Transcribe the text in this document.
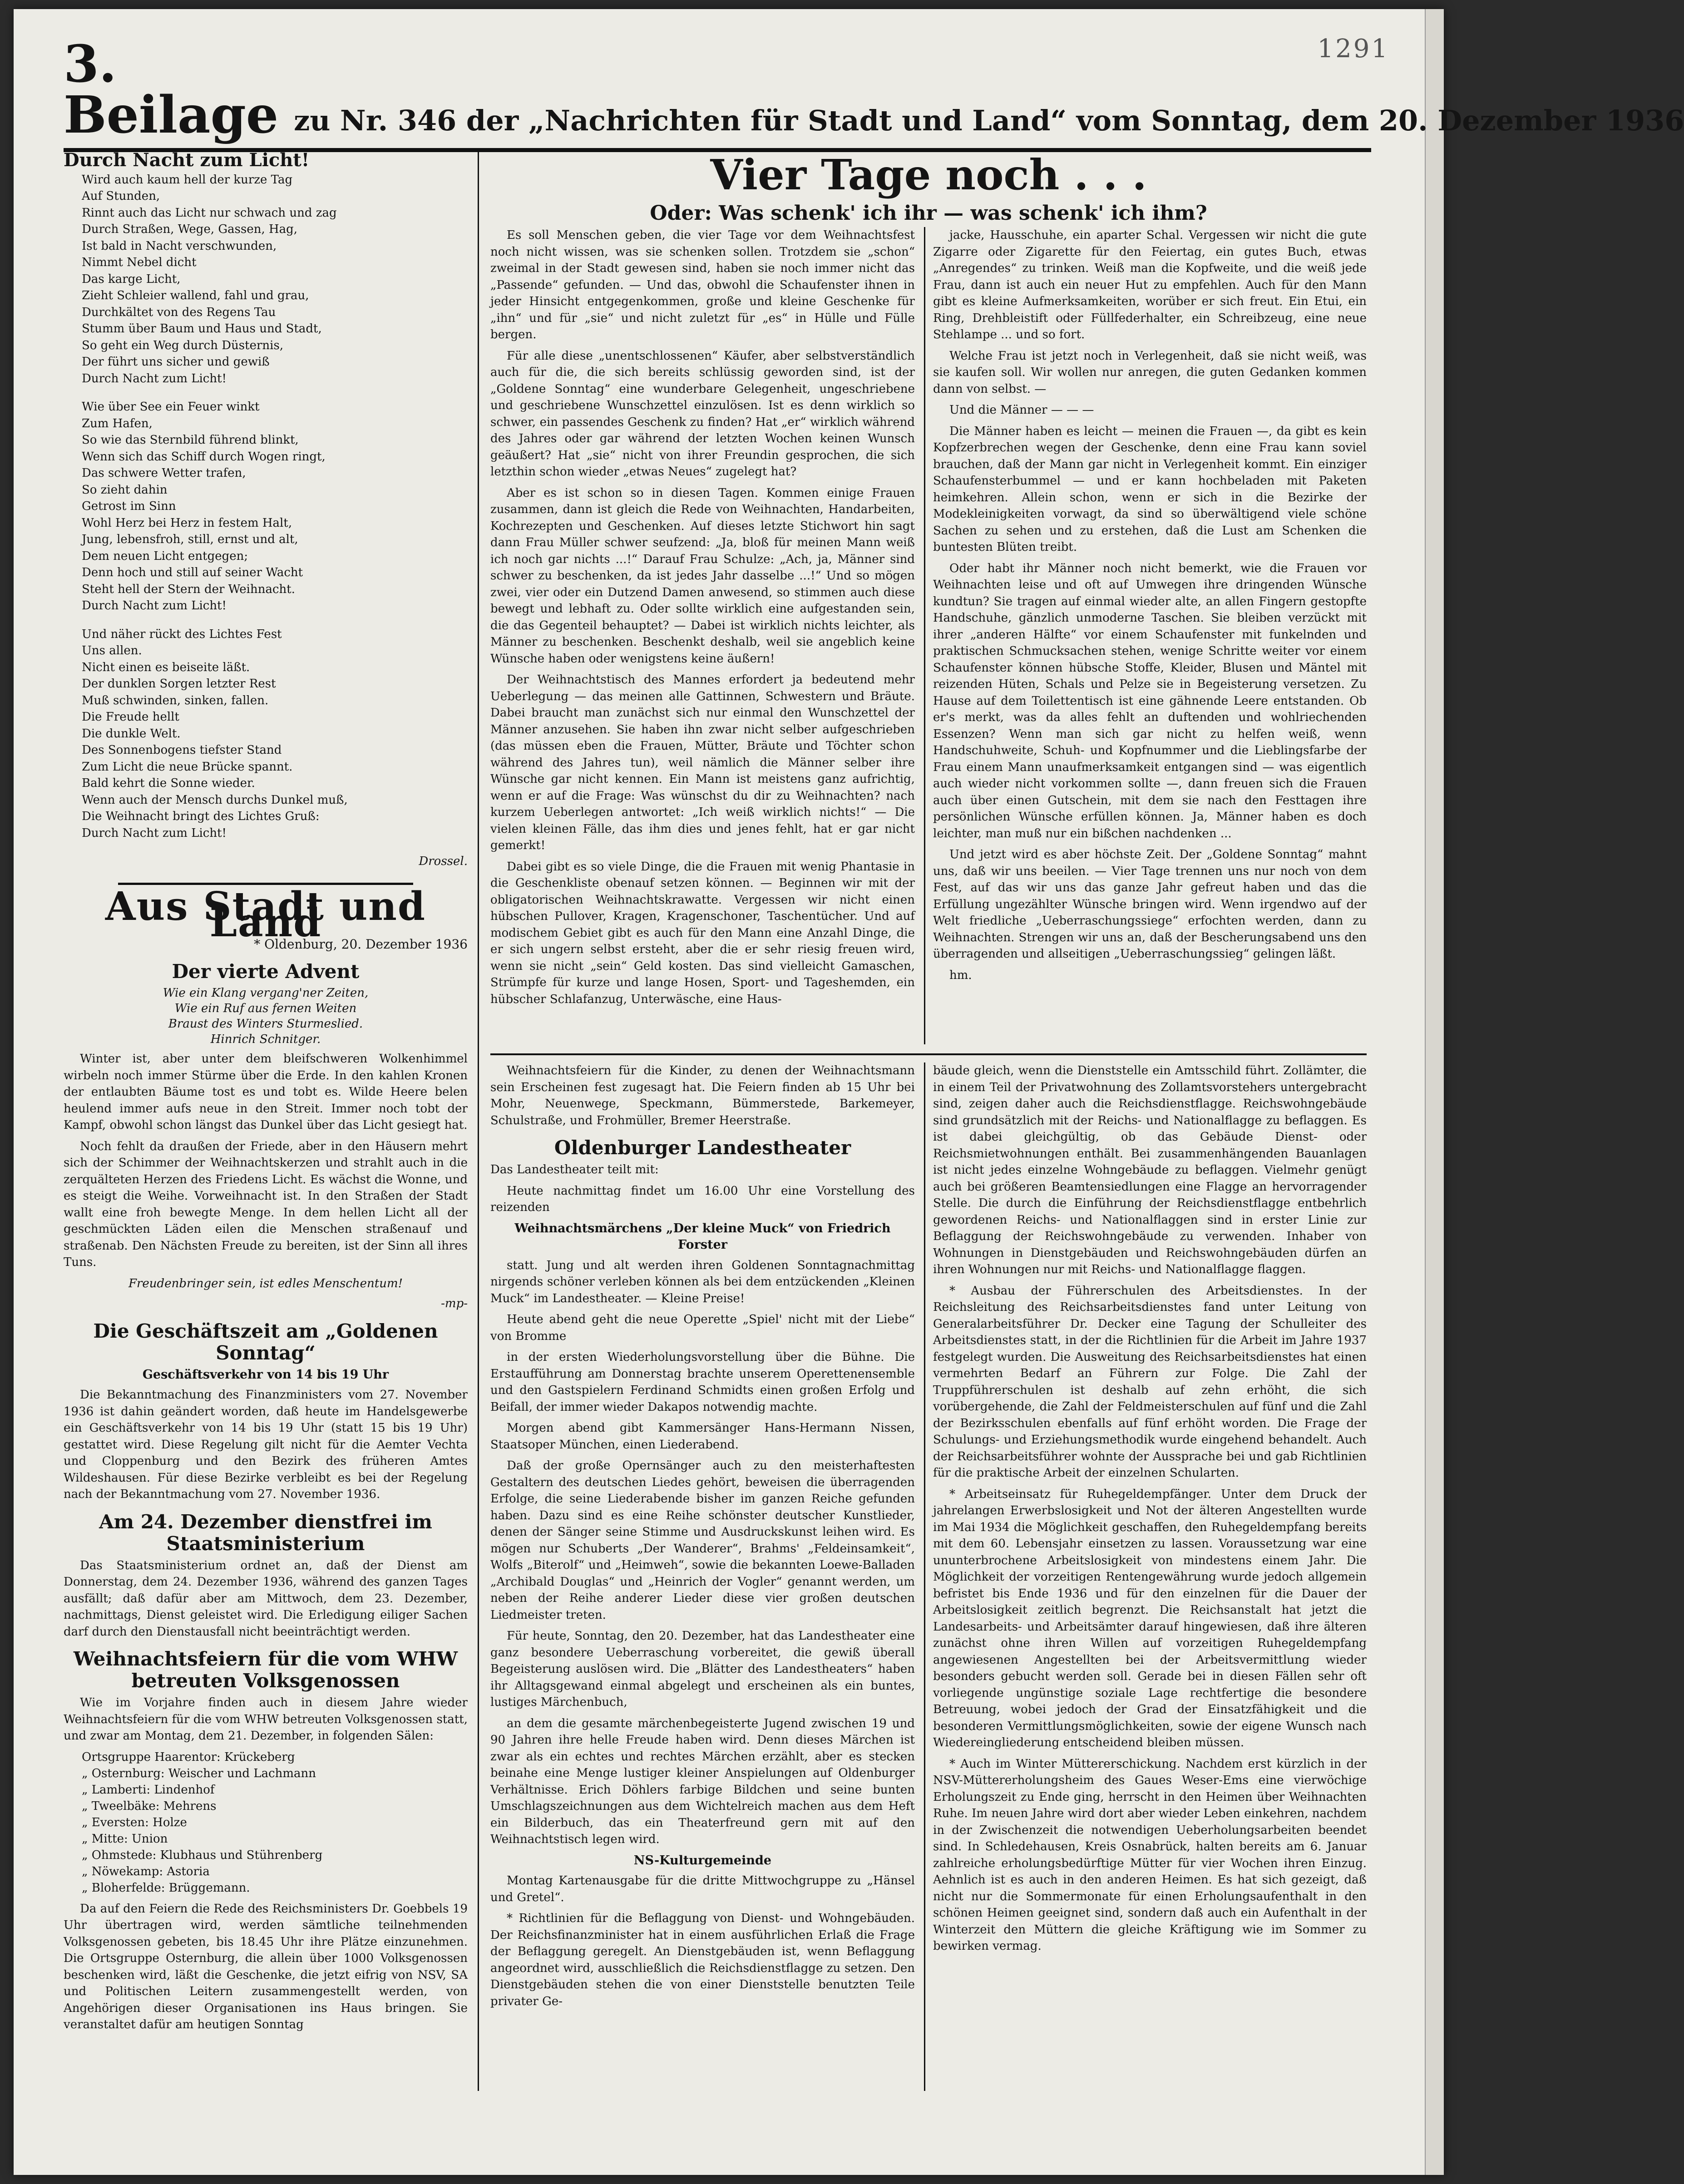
1291
3. Beilage zu Nr. 346 der „Nachrichten für Stadt und Land“ vom Sonntag, dem 20. Dezember 1936
Durch Nacht zum Licht!
Wird auch kaum hell der kurze Tag
Auf Stunden,
Rinnt auch das Licht nur schwach und zag
Durch Straßen, Wege, Gassen, Hag,
Ist bald in Nacht verschwunden,
Nimmt Nebel dicht
Das karge Licht,
Zieht Schleier wallend, fahl und grau,
Durchkältet von des Regens Tau
Stumm über Baum und Haus und Stadt,
So geht ein Weg durch Düsternis,
Der führt uns sicher und gewiß
Durch Nacht zum Licht!
Wie über See ein Feuer winkt
Zum Hafen,
So wie das Sternbild führend blinkt,
Wenn sich das Schiff durch Wogen ringt,
Das schwere Wetter trafen,
So zieht dahin
Getrost im Sinn
Wohl Herz bei Herz in festem Halt,
Jung, lebensfroh, still, ernst und alt,
Dem neuen Licht entgegen;
Denn hoch und still auf seiner Wacht
Steht hell der Stern der Weihnacht.
Durch Nacht zum Licht!
Und näher rückt des Lichtes Fest
Uns allen.
Nicht einen es beiseite läßt.
Der dunklen Sorgen letzter Rest
Muß schwinden, sinken, fallen.
Die Freude hellt
Die dunkle Welt.
Des Sonnenbogens tiefster Stand
Zum Licht die neue Brücke spannt.
Bald kehrt die Sonne wieder.
Wenn auch der Mensch durchs Dunkel muß,
Die Weihnacht bringt des Lichtes Gruß:
Durch Nacht zum Licht!
Drossel.
Aus Stadt und Land
* Oldenburg, 20. Dezember 1936
Der vierte Advent
Wie ein Klang vergang'ner Zeiten,
Wie ein Ruf aus fernen Weiten
Braust des Winters Sturmeslied.
Hinrich Schnitger.

Winter ist, aber unter dem bleifschweren Wolkenhimmel wirbeln noch immer Stürme über die Erde. In den kahlen Kronen der entlaubten Bäume tost es und tobt es. Wilde Heere belen heulend immer aufs neue in den Streit. Immer noch tobt der Kampf, obwohl schon längst das Dunkel über das Licht gesiegt hat.

Noch fehlt da draußen der Friede, aber in den Häusern mehrt sich der Schimmer der Weihnachtskerzen und strahlt auch in die zerquälteten Herzen des Friedens Licht. Es wächst die Wonne, und es steigt die Weihe. Vorweihnacht ist. In den Straßen der Stadt wallt eine froh bewegte Menge. In dem hellen Licht all der geschmückten Läden eilen die Menschen straßenauf und straßenab. Den Nächsten Freude zu bereiten, ist der Sinn all ihres Tuns.

Freudenbringer sein, ist edles Menschentum!
-mp-
Die Geschäftszeit am „Goldenen Sonntag“
Geschäftsverkehr von 14 bis 19 Uhr

Die Bekanntmachung des Finanzministers vom 27. November 1936 ist dahin geändert worden, daß heute im Handelsgewerbe ein Geschäftsverkehr von 14 bis 19 Uhr (statt 15 bis 19 Uhr) gestattet wird. Diese Regelung gilt nicht für die Aemter Vechta und Cloppenburg und den Bezirk des früheren Amtes Wildeshausen. Für diese Bezirke verbleibt es bei der Regelung nach der Bekanntmachung vom 27. November 1936.

Am 24. Dezember dienstfrei im Staatsministerium

Das Staatsministerium ordnet an, daß der Dienst am Donnerstag, dem 24. Dezember 1936, während des ganzen Tages ausfällt; daß dafür aber am Mittwoch, dem 23. Dezember, nachmittags, Dienst geleistet wird. Die Erledigung eiliger Sachen darf durch den Dienstausfall nicht beeinträchtigt werden.

Weihnachtsfeiern für die vom WHW betreuten Volksgenossen

Wie im Vorjahre finden auch in diesem Jahre wieder Weihnachtsfeiern für die vom WHW betreuten Volksgenossen statt, und zwar am Montag, dem 21. Dezember, in folgenden Sälen:

Ortsgruppe Haarentor: Krückeberg
„ Osternburg: Weischer und Lachmann
„ Lamberti: Lindenhof
„ Tweelbäke: Mehrens
„ Eversten: Holze
„ Mitte: Union
„ Ohmstede: Klubhaus und Stührenberg
„ Nöwekamp: Astoria
„ Bloherfelde: Brüggemann.

Da auf den Feiern die Rede des Reichsministers Dr. Goebbels 19 Uhr übertragen wird, werden sämtliche teilnehmenden Volksgenossen gebeten, bis 18.45 Uhr ihre Plätze einzunehmen. Die Ortsgruppe Osternburg, die allein über 1000 Volksgenossen beschenken wird, läßt die Geschenke, die jetzt eifrig von NSV, SA und Politischen Leitern zusammengestellt werden, von Angehörigen dieser Organisationen ins Haus bringen. Sie veranstaltet dafür am heutigen Sonntag

Vier Tage noch . . .
Oder: Was schenk' ich ihr — was schenk' ich ihm?

Es soll Menschen geben, die vier Tage vor dem Weihnachtsfest noch nicht wissen, was sie schenken sollen. Trotzdem sie „schon“ zweimal in der Stadt gewesen sind, haben sie noch immer nicht das „Passende“ gefunden. — Und das, obwohl die Schaufenster ihnen in jeder Hinsicht entgegenkommen, große und kleine Geschenke für „ihn“ und für „sie“ und nicht zuletzt für „es“ in Hülle und Fülle bergen.

Für alle diese „unentschlossenen“ Käufer, aber selbstverständlich auch für die, die sich bereits schlüssig geworden sind, ist der „Goldene Sonntag“ eine wunderbare Gelegenheit, ungeschriebene und geschriebene Wunschzettel einzulösen. Ist es denn wirklich so schwer, ein passendes Geschenk zu finden? Hat „er“ wirklich während des Jahres oder gar während der letzten Wochen keinen Wunsch geäußert? Hat „sie“ nicht von ihrer Freundin gesprochen, die sich letzthin schon wieder „etwas Neues“ zugelegt hat?

Aber es ist schon so in diesen Tagen. Kommen einige Frauen zusammen, dann ist gleich die Rede von Weihnachten, Handarbeiten, Kochrezepten und Geschenken. Auf dieses letzte Stichwort hin sagt dann Frau Müller schwer seufzend: „Ja, bloß für meinen Mann weiß ich noch gar nichts ...!“ Darauf Frau Schulze: „Ach, ja, Männer sind schwer zu beschenken, da ist jedes Jahr dasselbe ...!“ Und so mögen zwei, vier oder ein Dutzend Damen anwesend, so stimmen auch diese bewegt und lebhaft zu. Oder sollte wirklich eine aufgestanden sein, die das Gegenteil behauptet? — Dabei ist wirklich nichts leichter, als Männer zu beschenken. Beschenkt deshalb, weil sie angeblich keine Wünsche haben oder wenigstens keine äußern!

Der Weihnachtstisch des Mannes erfordert ja bedeutend mehr Ueberlegung — das meinen alle Gattinnen, Schwestern und Bräute. Dabei braucht man zunächst sich nur einmal den Wunschzettel der Männer anzusehen. Sie haben ihn zwar nicht selber aufgeschrieben (das müssen eben die Frauen, Mütter, Bräute und Töchter schon während des Jahres tun), weil nämlich die Männer selber ihre Wünsche gar nicht kennen. Ein Mann ist meistens ganz aufrichtig, wenn er auf die Frage: Was wünschst du dir zu Weihnachten? nach kurzem Ueberlegen antwortet: „Ich weiß wirklich nichts!“ — Die vielen kleinen Fälle, das ihm dies und jenes fehlt, hat er gar nicht gemerkt!

Dabei gibt es so viele Dinge, die die Frauen mit wenig Phantasie in die Geschenkliste obenauf setzen können. — Beginnen wir mit der obligatorischen Weihnachtskrawatte. Vergessen wir nicht einen hübschen Pullover, Kragen, Kragenschoner, Taschentücher. Und auf modischem Gebiet gibt es auch für den Mann eine Anzahl Dinge, die er sich ungern selbst ersteht, aber die er sehr riesig freuen wird, wenn sie nicht „sein“ Geld kosten. Das sind vielleicht Gamaschen, Strümpfe für kurze und lange Hosen, Sport- und Tageshemden, ein hübscher Schlafanzug, Unterwäsche, eine Haus-

jacke, Hausschuhe, ein aparter Schal. Vergessen wir nicht die gute Zigarre oder Zigarette für den Feiertag, ein gutes Buch, etwas „Anregendes“ zu trinken. Weiß man die Kopfweite, und die weiß jede Frau, dann ist auch ein neuer Hut zu empfehlen. Auch für den Mann gibt es kleine Aufmerksamkeiten, worüber er sich freut. Ein Etui, ein Ring, Drehbleistift oder Füllfederhalter, ein Schreibzeug, eine neue Stehlampe ... und so fort.

Welche Frau ist jetzt noch in Verlegenheit, daß sie nicht weiß, was sie kaufen soll. Wir wollen nur anregen, die guten Gedanken kommen dann von selbst. —

Und die Männer — — —

Die Männer haben es leicht — meinen die Frauen —, da gibt es kein Kopfzerbrechen wegen der Geschenke, denn eine Frau kann soviel brauchen, daß der Mann gar nicht in Verlegenheit kommt. Ein einziger Schaufensterbummel — und er kann hochbeladen mit Paketen heimkehren. Allein schon, wenn er sich in die Bezirke der Modekleinigkeiten vorwagt, da sind so überwältigend viele schöne Sachen zu sehen und zu erstehen, daß die Lust am Schenken die buntesten Blüten treibt.

Oder habt ihr Männer noch nicht bemerkt, wie die Frauen vor Weihnachten leise und oft auf Umwegen ihre dringenden Wünsche kundtun? Sie tragen auf einmal wieder alte, an allen Fingern gestopfte Handschuhe, gänzlich unmoderne Taschen. Sie bleiben verzückt mit ihrer „anderen Hälfte“ vor einem Schaufenster mit funkelnden und praktischen Schmucksachen stehen, wenige Schritte weiter vor einem Schaufenster können hübsche Stoffe, Kleider, Blusen und Mäntel mit reizenden Hüten, Schals und Pelze sie in Begeisterung versetzen. Zu Hause auf dem Toilettentisch ist eine gähnende Leere entstanden. Ob er's merkt, was da alles fehlt an duftenden und wohlriechenden Essenzen? Wenn man sich gar nicht zu helfen weiß, wenn Handschuhweite, Schuh- und Kopfnummer und die Lieblingsfarbe der Frau einem Mann unaufmerksamkeit entgangen sind — was eigentlich auch wieder nicht vorkommen sollte —, dann freuen sich die Frauen auch über einen Gutschein, mit dem sie nach den Festtagen ihre persönlichen Wünsche erfüllen können. Ja, Männer haben es doch leichter, man muß nur ein bißchen nachdenken ...

Und jetzt wird es aber höchste Zeit. Der „Goldene Sonntag“ mahnt uns, daß wir uns beeilen. — Vier Tage trennen uns nur noch von dem Fest, auf das wir uns das ganze Jahr gefreut haben und das die Erfüllung ungezählter Wünsche bringen wird. Wenn irgendwo auf der Welt friedliche „Ueberraschungssiege“ erfochten werden, dann zu Weihnachten. Strengen wir uns an, daß der Bescherungsabend uns den überragenden und allseitigen „Ueberraschungssieg“ gelingen läßt.

hm.

Weihnachtsfeiern für die Kinder, zu denen der Weihnachtsmann sein Erscheinen fest zugesagt hat. Die Feiern finden ab 15 Uhr bei Mohr, Neuenwege, Speckmann, Bümmerstede, Barkemeyer, Schulstraße, und Frohmüller, Bremer Heerstraße.

Oldenburger Landestheater

Das Landestheater teilt mit:

Heute nachmittag findet um 16.00 Uhr eine Vorstellung des reizenden

Weihnachtsmärchens „Der kleine Muck“ von Friedrich Forster

statt. Jung und alt werden ihren Goldenen Sonntagnachmittag nirgends schöner verleben können als bei dem entzückenden „Kleinen Muck“ im Landestheater. — Kleine Preise!

Heute abend geht die neue Operette „Spiel' nicht mit der Liebe“ von Bromme

in der ersten Wiederholungsvorstellung über die Bühne. Die Erstaufführung am Donnerstag brachte unserem Operettenensemble und den Gastspielern Ferdinand Schmidts einen großen Erfolg und Beifall, der immer wieder Dakapos notwendig machte.

Morgen abend gibt Kammersänger Hans-Hermann Nissen, Staatsoper München, einen Liederabend.

Daß der große Opernsänger auch zu den meisterhaftesten Gestaltern des deutschen Liedes gehört, beweisen die überragenden Erfolge, die seine Liederabende bisher im ganzen Reiche gefunden haben. Dazu sind es eine Reihe schönster deutscher Kunstlieder, denen der Sänger seine Stimme und Ausdruckskunst leihen wird. Es mögen nur Schuberts „Der Wanderer“, Brahms' „Feldeinsamkeit“, Wolfs „Biterolf“ und „Heimweh“, sowie die bekannten Loewe-Balladen „Archibald Douglas“ und „Heinrich der Vogler“ genannt werden, um neben der Reihe anderer Lieder diese vier großen deutschen Liedmeister treten.

Für heute, Sonntag, den 20. Dezember, hat das Landestheater eine ganz besondere Ueberraschung vorbereitet, die gewiß überall Begeisterung auslösen wird. Die „Blätter des Landestheaters“ haben ihr Alltagsgewand einmal abgelegt und erscheinen als ein buntes, lustiges Märchenbuch,

an dem die gesamte märchenbegeisterte Jugend zwischen 19 und 90 Jahren ihre helle Freude haben wird. Denn dieses Märchen ist zwar als ein echtes und rechtes Märchen erzählt, aber es stecken beinahe eine Menge lustiger kleiner Anspielungen auf Oldenburger Verhältnisse. Erich Döhlers farbige Bildchen und seine bunten Umschlagszeichnungen aus dem Wichtelreich machen aus dem Heft ein Bilderbuch, das ein Theaterfreund gern mit auf den Weihnachtstisch legen wird.

NS-Kulturgemeinde

Montag Kartenausgabe für die dritte Mittwochgruppe zu „Hänsel und Gretel“.

* Richtlinien für die Beflaggung von Dienst- und Wohngebäuden. Der Reichsfinanzminister hat in einem ausführlichen Erlaß die Frage der Beflaggung geregelt. An Dienstgebäuden ist, wenn Beflaggung angeordnet wird, ausschließlich die Reichsdienstflagge zu setzen. Den Dienstgebäuden stehen die von einer Dienststelle benutzten Teile privater Ge-

bäude gleich, wenn die Dienststelle ein Amtsschild führt. Zollämter, die in einem Teil der Privatwohnung des Zollamtsvorstehers untergebracht sind, zeigen daher auch die Reichsdienstflagge. Reichswohngebäude sind grundsätzlich mit der Reichs- und Nationalflagge zu beflaggen. Es ist dabei gleichgültig, ob das Gebäude Dienst- oder Reichsmietwohnungen enthält. Bei zusammenhängenden Bauanlagen ist nicht jedes einzelne Wohngebäude zu beflaggen. Vielmehr genügt auch bei größeren Beamtensiedlungen eine Flagge an hervorragender Stelle. Die durch die Einführung der Reichsdienstflagge entbehrlich gewordenen Reichs- und Nationalflaggen sind in erster Linie zur Beflaggung der Reichswohngebäude zu verwenden. Inhaber von Wohnungen in Dienstgebäuden und Reichswohngebäuden dürfen an ihren Wohnungen nur mit Reichs- und Nationalflagge flaggen.

* Ausbau der Führerschulen des Arbeitsdienstes. In der Reichsleitung des Reichsarbeitsdienstes fand unter Leitung von Generalarbeitsführer Dr. Decker eine Tagung der Schulleiter des Arbeitsdienstes statt, in der die Richtlinien für die Arbeit im Jahre 1937 festgelegt wurden. Die Ausweitung des Reichsarbeitsdienstes hat einen vermehrten Bedarf an Führern zur Folge. Die Zahl der Truppführerschulen ist deshalb auf zehn erhöht, die sich vorübergehende, die Zahl der Feldmeisterschulen auf fünf und die Zahl der Bezirksschulen ebenfalls auf fünf erhöht worden. Die Frage der Schulungs- und Erziehungsmethodik wurde eingehend behandelt. Auch der Reichsarbeitsführer wohnte der Aussprache bei und gab Richtlinien für die praktische Arbeit der einzelnen Schularten.

* Arbeitseinsatz für Ruhegeldempfänger. Unter dem Druck der jahrelangen Erwerbslosigkeit und Not der älteren Angestellten wurde im Mai 1934 die Möglichkeit geschaffen, den Ruhegeldempfang bereits mit dem 60. Lebensjahr einsetzen zu lassen. Voraussetzung war eine ununterbrochene Arbeitslosigkeit von mindestens einem Jahr. Die Möglichkeit der vorzeitigen Rentengewährung wurde jedoch allgemein befristet bis Ende 1936 und für den einzelnen für die Dauer der Arbeitslosigkeit zeitlich begrenzt. Die Reichsanstalt hat jetzt die Landesarbeits- und Arbeitsämter darauf hingewiesen, daß ihre älteren zunächst ohne ihren Willen auf vorzeitigen Ruhegeldempfang angewiesenen Angestellten bei der Arbeitsvermittlung wieder besonders gebucht werden soll. Gerade bei in diesen Fällen sehr oft vorliegende ungünstige soziale Lage rechtfertige die besondere Betreuung, wobei jedoch der Grad der Einsatzfähigkeit und die besonderen Vermittlungsmöglichkeiten, sowie der eigene Wunsch nach Wiedereingliederung entscheidend bleiben müssen.

* Auch im Winter Müttererschickung. Nachdem erst kürzlich in der NSV-Müttererholungsheim des Gaues Weser-Ems eine vierwöchige Erholungszeit zu Ende ging, herrscht in den Heimen über Weihnachten Ruhe. Im neuen Jahre wird dort aber wieder Leben einkehren, nachdem in der Zwischenzeit die notwendigen Ueberholungsarbeiten beendet sind. In Schledehausen, Kreis Osnabrück, halten bereits am 6. Januar zahlreiche erholungsbedürftige Mütter für vier Wochen ihren Einzug. Aehnlich ist es auch in den anderen Heimen. Es hat sich gezeigt, daß nicht nur die Sommermonate für einen Erholungsaufenthalt in den schönen Heimen geeignet sind, sondern daß auch ein Aufenthalt in der Winterzeit den Müttern die gleiche Kräftigung wie im Sommer zu bewirken vermag.
